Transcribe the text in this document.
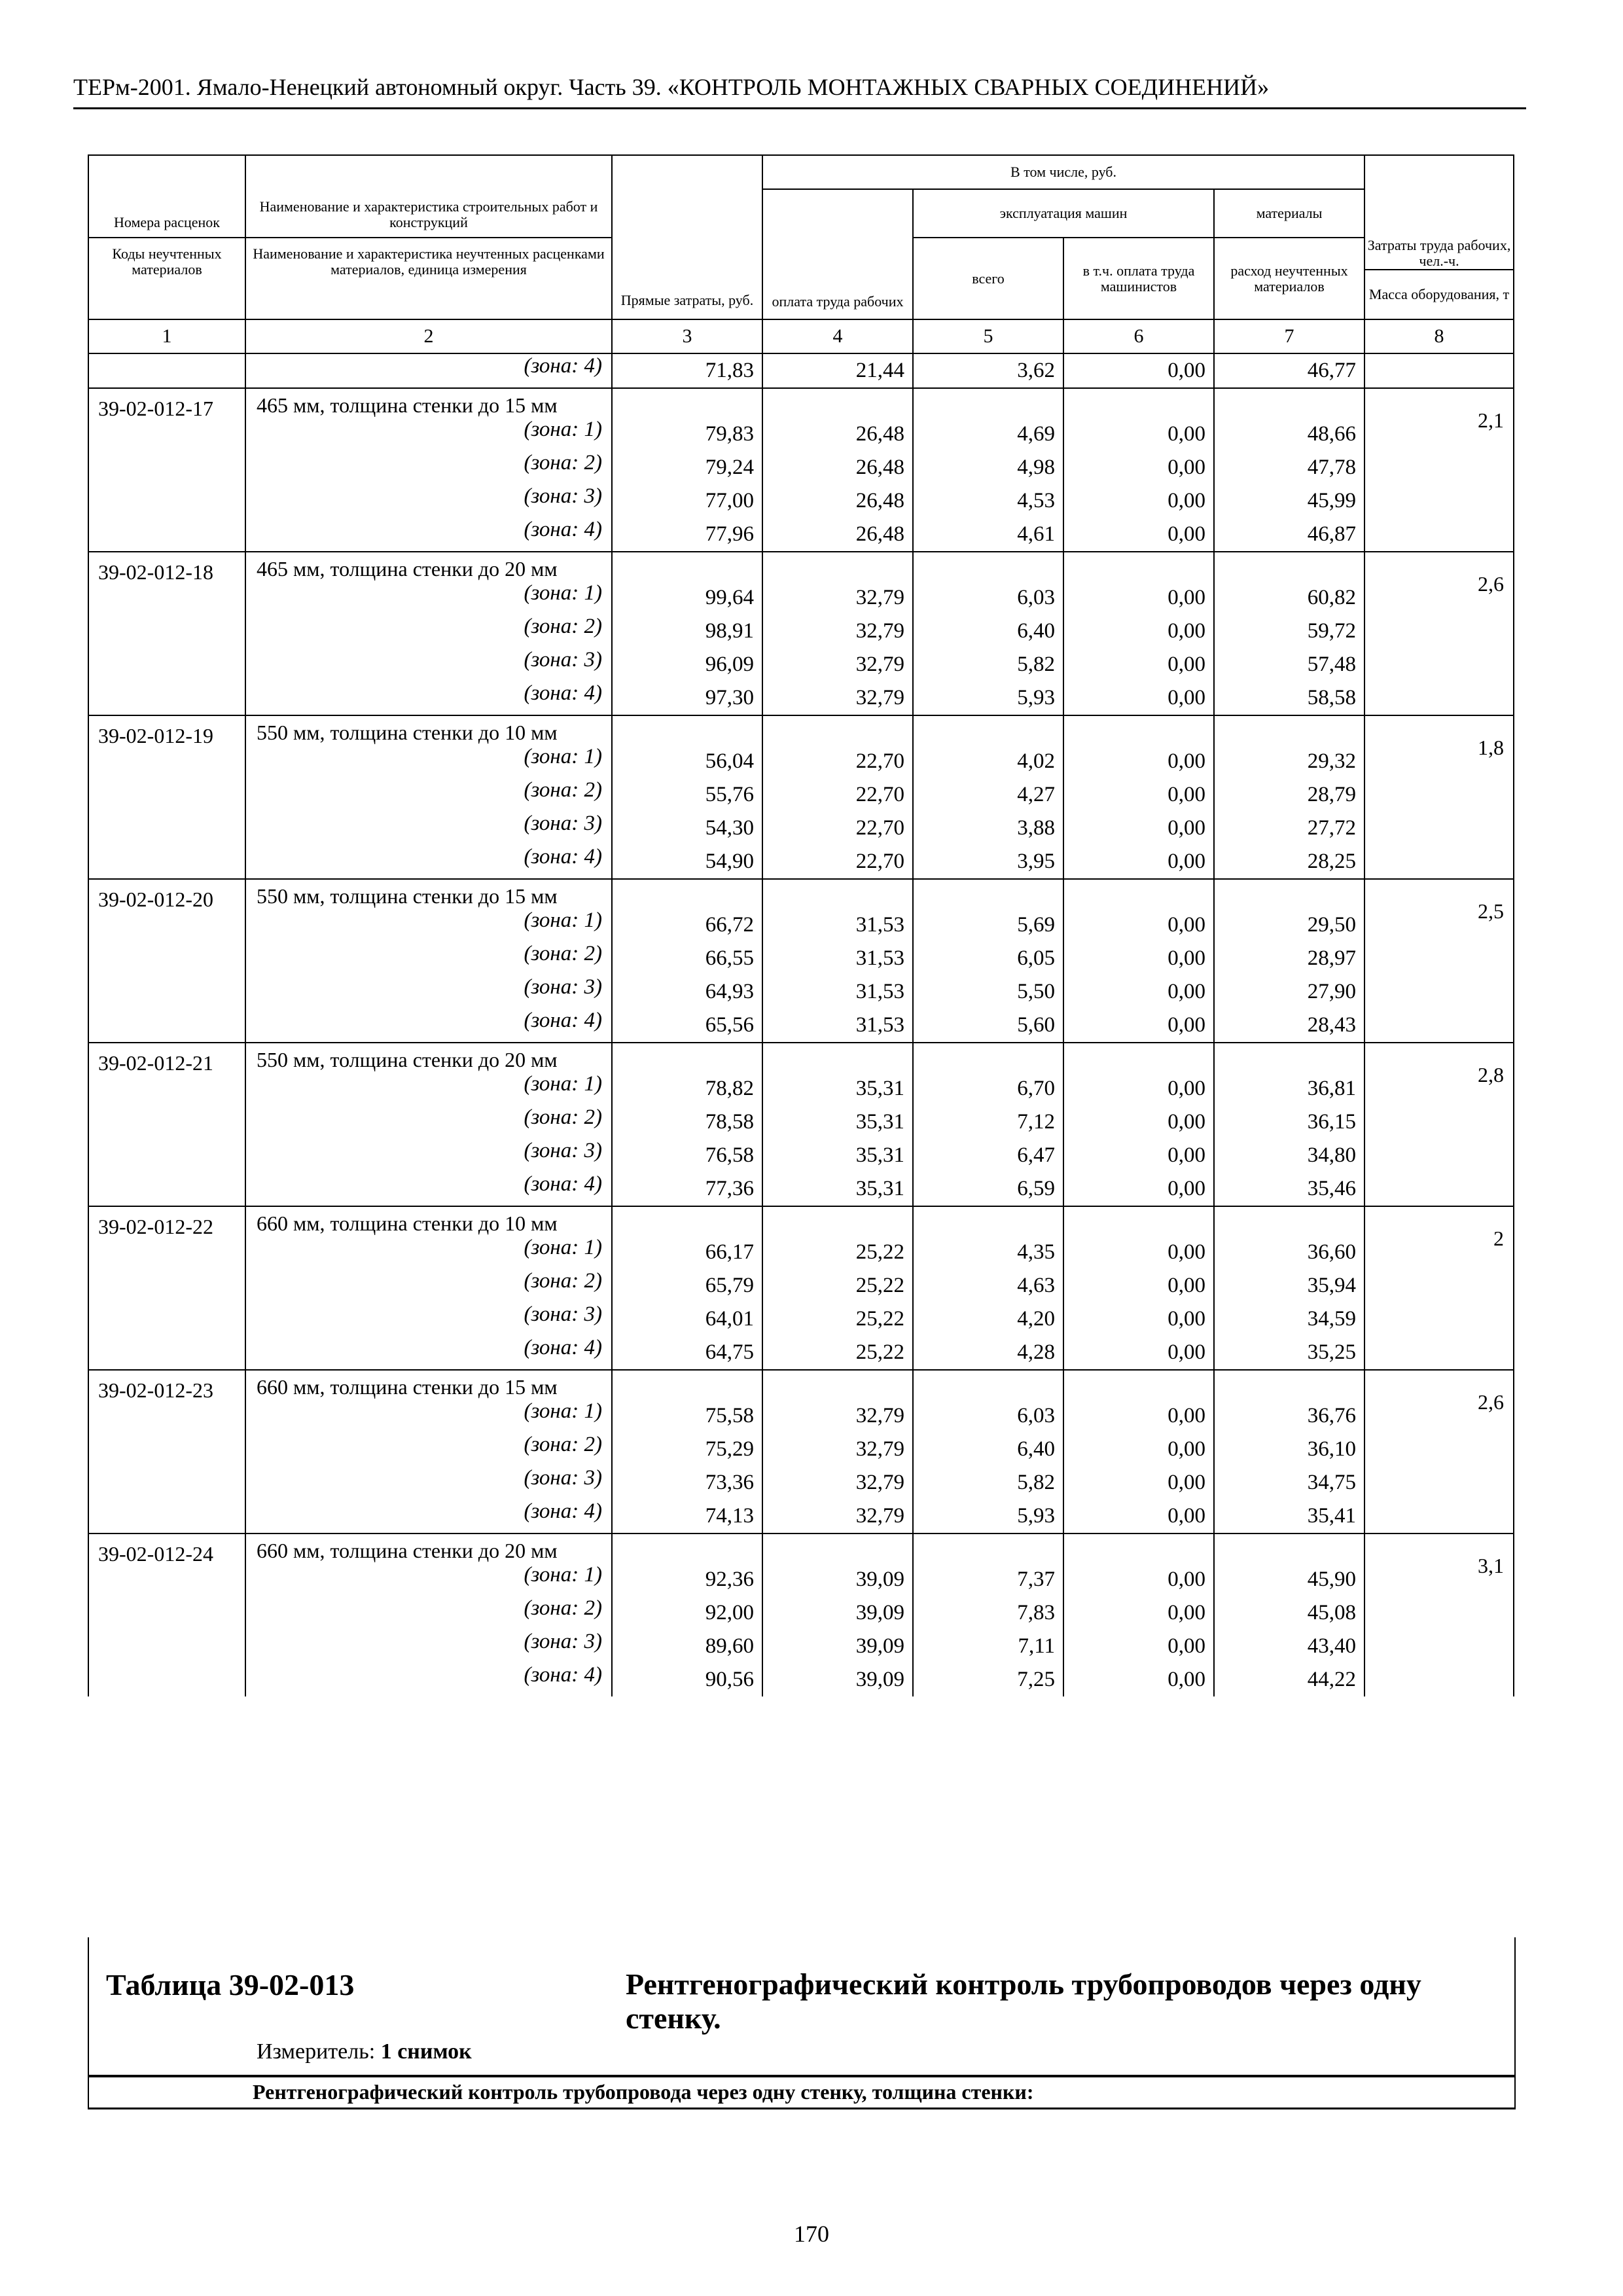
ТЕРм-2001. Ямало-Ненецкий автономный округ. Часть 39. «КОНТРОЛЬ МОНТАЖНЫХ СВАРНЫХ СОЕДИНЕНИЙ»
Номера расценок	Наименование и характеристика строительных работ и конструкций	Прямые затраты, руб.	В том числе, руб.				
			оплата труда рабочих	эксплуатация машин		материалы	
Коды неучтенных материалов	Наименование и характеристика неучтенных расценками материалов, единица измерения			всего	в т.ч. оплата труда машинистов	расход неучтенных материалов	Затраты труда рабочих, чел.-ч.
							Масса оборудования, т
1	2	3	4	5	6	7	8
	(зона: 4)	71,83	21,44	3,62	0,00	46,77	
39-02-012-17	465 мм, толщина стенки до 15 мм						2,1
	(зона: 1)	79,83	26,48	4,69	0,00	48,66	
	(зона: 2)	79,24	26,48	4,98	0,00	47,78	
	(зона: 3)	77,00	26,48	4,53	0,00	45,99	
	(зона: 4)	77,96	26,48	4,61	0,00	46,87	
39-02-012-18	465 мм, толщина стенки до 20 мм						2,6
	(зона: 1)	99,64	32,79	6,03	0,00	60,82	
	(зона: 2)	98,91	32,79	6,40	0,00	59,72	
	(зона: 3)	96,09	32,79	5,82	0,00	57,48	
	(зона: 4)	97,30	32,79	5,93	0,00	58,58	
39-02-012-19	550 мм, толщина стенки до 10 мм						1,8
	(зона: 1)	56,04	22,70	4,02	0,00	29,32	
	(зона: 2)	55,76	22,70	4,27	0,00	28,79	
	(зона: 3)	54,30	22,70	3,88	0,00	27,72	
	(зона: 4)	54,90	22,70	3,95	0,00	28,25	
39-02-012-20	550 мм, толщина стенки до 15 мм						2,5
	(зона: 1)	66,72	31,53	5,69	0,00	29,50	
	(зона: 2)	66,55	31,53	6,05	0,00	28,97	
	(зона: 3)	64,93	31,53	5,50	0,00	27,90	
	(зона: 4)	65,56	31,53	5,60	0,00	28,43	
39-02-012-21	550 мм, толщина стенки до 20 мм						2,8
	(зона: 1)	78,82	35,31	6,70	0,00	36,81	
	(зона: 2)	78,58	35,31	7,12	0,00	36,15	
	(зона: 3)	76,58	35,31	6,47	0,00	34,80	
	(зона: 4)	77,36	35,31	6,59	0,00	35,46	
39-02-012-22	660 мм, толщина стенки до 10 мм						2
	(зона: 1)	66,17	25,22	4,35	0,00	36,60	
	(зона: 2)	65,79	25,22	4,63	0,00	35,94	
	(зона: 3)	64,01	25,22	4,20	0,00	34,59	
	(зона: 4)	64,75	25,22	4,28	0,00	35,25	
39-02-012-23	660 мм, толщина стенки до 15 мм						2,6
	(зона: 1)	75,58	32,79	6,03	0,00	36,76	
	(зона: 2)	75,29	32,79	6,40	0,00	36,10	
	(зона: 3)	73,36	32,79	5,82	0,00	34,75	
	(зона: 4)	74,13	32,79	5,93	0,00	35,41	
39-02-012-24	660 мм, толщина стенки до 20 мм						3,1
	(зона: 1)	92,36	39,09	7,37	0,00	45,90	
	(зона: 2)	92,00	39,09	7,83	0,00	45,08	
	(зона: 3)	89,60	39,09	7,11	0,00	43,40	
	(зона: 4)	90,56	39,09	7,25	0,00	44,22	
Таблица 39-02-013	Рентгенографический контроль трубопроводов через одну стенку.
Измеритель: 1 снимок
Рентгенографический контроль трубопровода через одну стенку, толщина стенки:
170
